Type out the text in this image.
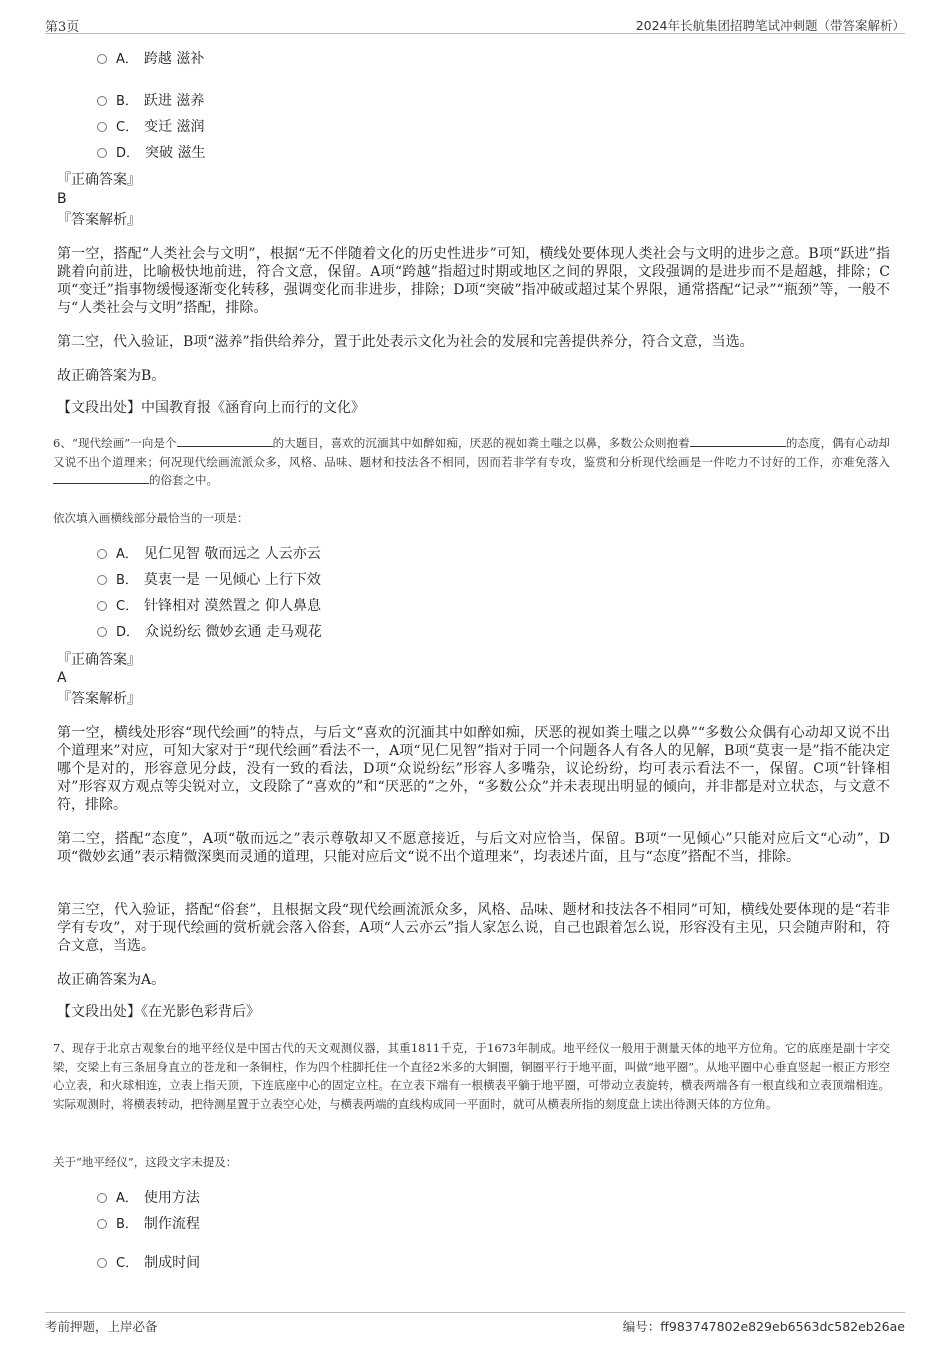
第3页	2024年长航集团招聘笔试冲刺题（带答案解析）
A． 跨越 滋补
B． 跃进 滋养
C． 变迁 滋润
D． 突破 滋生
『正确答案』
B
『答案解析』
第一空，搭配“人类社会与文明”，根据“无不伴随着文化的历史性进步”可知，横线处要体现人类社会与文明的进步之意。B项“跃进”指跳着向前进，比喻极快地前进，符合文意，保留。A项“跨越”指超过时期或地区之间的界限，文段强调的是进步而不是超越，排除；C项“变迁”指事物缓慢逐渐变化转移，强调变化而非进步，排除；D项“突破”指冲破或超过某个界限，通常搭配“记录”“瓶颈”等，一般不与“人类社会与文明”搭配，排除。
第二空，代入验证，B项“滋养”指供给养分，置于此处表示文化为社会的发展和完善提供养分，符合文意，当选。
故正确答案为B。
【文段出处】中国教育报《涵育向上而行的文化》
6、“现代绘画”一向是个	的大题目，喜欢的沉湎其中如醉如痴，厌恶的视如粪土嗤之以鼻，多数公众则抱着	的态度，偶有心动却又说不出个道理来；何况现代绘画流派众多，风格、品味、题材和技法各不相同，因而若非学有专攻，鉴赏和分析现代绘画是一件吃力不讨好的工作，亦难免落入的俗套之中。
依次填入画横线部分最恰当的一项是：
A． 见仁见智 敬而远之 人云亦云
B． 莫衷一是 一见倾心 上行下效
C． 针锋相对 漠然置之 仰人鼻息
D． 众说纷纭 微妙玄通 走马观花
『正确答案』
A
『答案解析』
第一空，横线处形容“现代绘画”的特点，与后文“喜欢的沉湎其中如醉如痴，厌恶的视如粪土嗤之以鼻”“多数公众偶有心动却又说不出个道理来”对应，可知大家对于“现代绘画”看法不一，A项“见仁见智”指对于同一个问题各人有各人的见解，B项“莫衷一是”指不能决定哪个是对的，形容意见分歧，没有一致的看法，D项“众说纷纭”形容人多嘴杂，议论纷纷，均可表示看法不一，保留。C项“针锋相对”形容双方观点等尖锐对立，文段除了“喜欢的”和“厌恶的”之外，“多数公众”并未表现出明显的倾向，并非都是对立状态，与文意不符，排除。
第二空，搭配“态度”，A项“敬而远之”表示尊敬却又不愿意接近，与后文对应恰当，保留。B项“一见倾心”只能对应后文“心动”，D项“微妙玄通”表示精微深奥而灵通的道理，只能对应后文“说不出个道理来”，均表述片面，且与“态度”搭配不当，排除。
第三空，代入验证，搭配“俗套”，且根据文段“现代绘画流派众多，风格、品味、题材和技法各不相同”可知，横线处要体现的是“若非学有专攻”，对于现代绘画的赏析就会落入俗套，A项“人云亦云”指人家怎么说，自己也跟着怎么说，形容没有主见，只会随声附和，符合文意，当选。
故正确答案为A。
【文段出处】《在光影色彩背后》
7、现存于北京古观象台的地平经仪是中国古代的天文观测仪器，其重1811千克，于1673年制成。地平经仪一般用于测量天体的地平方位角。它的底座是副十字交梁，交梁上有三条屈身直立的苍龙和一条铜柱，作为四个柱脚托住一个直径2米多的大铜圈，铜圈平行于地平面，叫做“地平圈”。从地平圈中心垂直竖起一根正方形空心立表，和火球相连，立表上指天顶，下连底座中心的固定立柱。在立表下端有一根横表平躺于地平圈，可带动立表旋转，横表两端各有一根直线和立表顶端相连。实际观测时，将横表转动，把待测星置于立表空心处，与横表两端的直线构成同一平面时，就可从横表所指的刻度盘上读出待测天体的方位角。
关于“地平经仪”，这段文字未提及：
A． 使用方法
B． 制作流程
C． 制成时间
考前押题，上岸必备	编号：ff983747802e829eb6563dc582eb26ae
